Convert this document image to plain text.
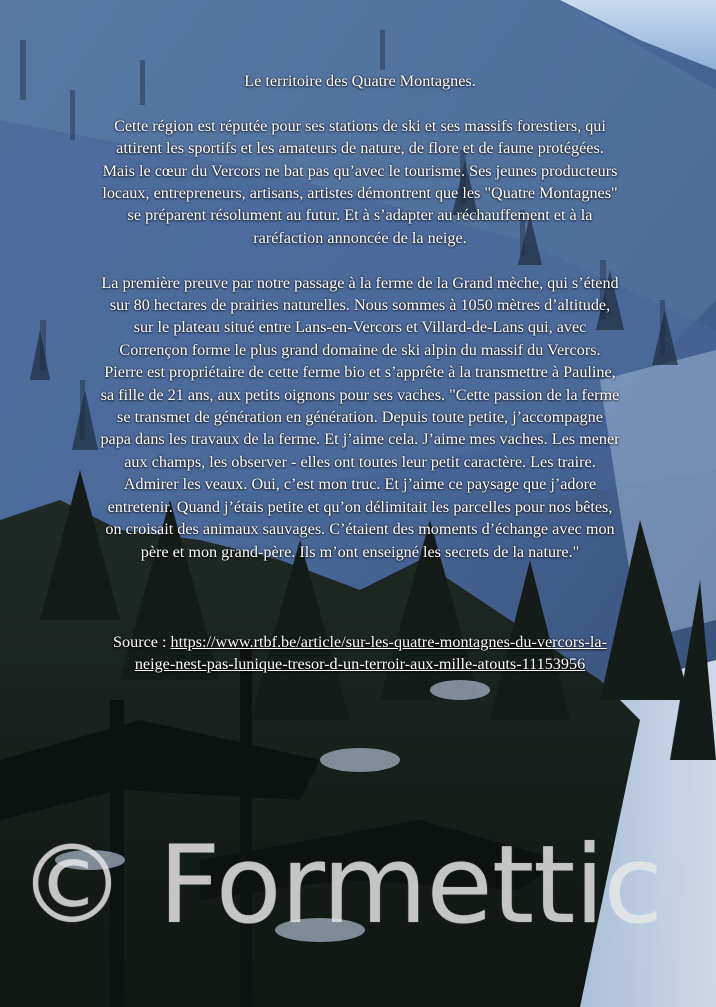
Le territoire des Quatre Montagnes.

Cette région est réputée pour ses stations de ski et ses massifs forestiers, qui attirent les sportifs et les amateurs de nature, de flore et de faune protégées. Mais le cœur du Vercors ne bat pas qu’avec le tourisme. Ses jeunes producteurs locaux, entrepreneurs, artisans, artistes démontrent que les "Quatre Montagnes" se préparent résolument au futur. Et à s’adapter au réchauffement et à la raréfaction annoncée de la neige.

La première preuve par notre passage à la ferme de la Grand mèche, qui s’étend sur 80 hectares de prairies naturelles. Nous sommes à 1050 mètres d’altitude, sur le plateau situé entre Lans-en-Vercors et Villard-de-Lans qui, avec Corrençon forme le plus grand domaine de ski alpin du massif du Vercors. Pierre est propriétaire de cette ferme bio et s’apprête à la transmettre à Pauline, sa fille de 21 ans, aux petits oignons pour ses vaches. "Cette passion de la ferme se transmet de génération en génération. Depuis toute petite, j’accompagne papa dans les travaux de la ferme. Et j’aime cela. J’aime mes vaches. Les mener aux champs, les observer - elles ont toutes leur petit caractère. Les traire. Admirer les veaux. Oui, c’est mon truc. Et j’aime ce paysage que j’adore entretenir. Quand j’étais petite et qu’on délimitait les parcelles pour nos bêtes, on croisait des animaux sauvages. C’étaient des moments d’échange avec mon père et mon grand-père. Ils m’ont enseigné les secrets de la nature."

Source : https://www.rtbf.be/article/sur-les-quatre-montagnes-du-vercors-la-neige-nest-pas-lunique-tresor-d-un-terroir-aux-mille-atouts-11153956

© Formettic
